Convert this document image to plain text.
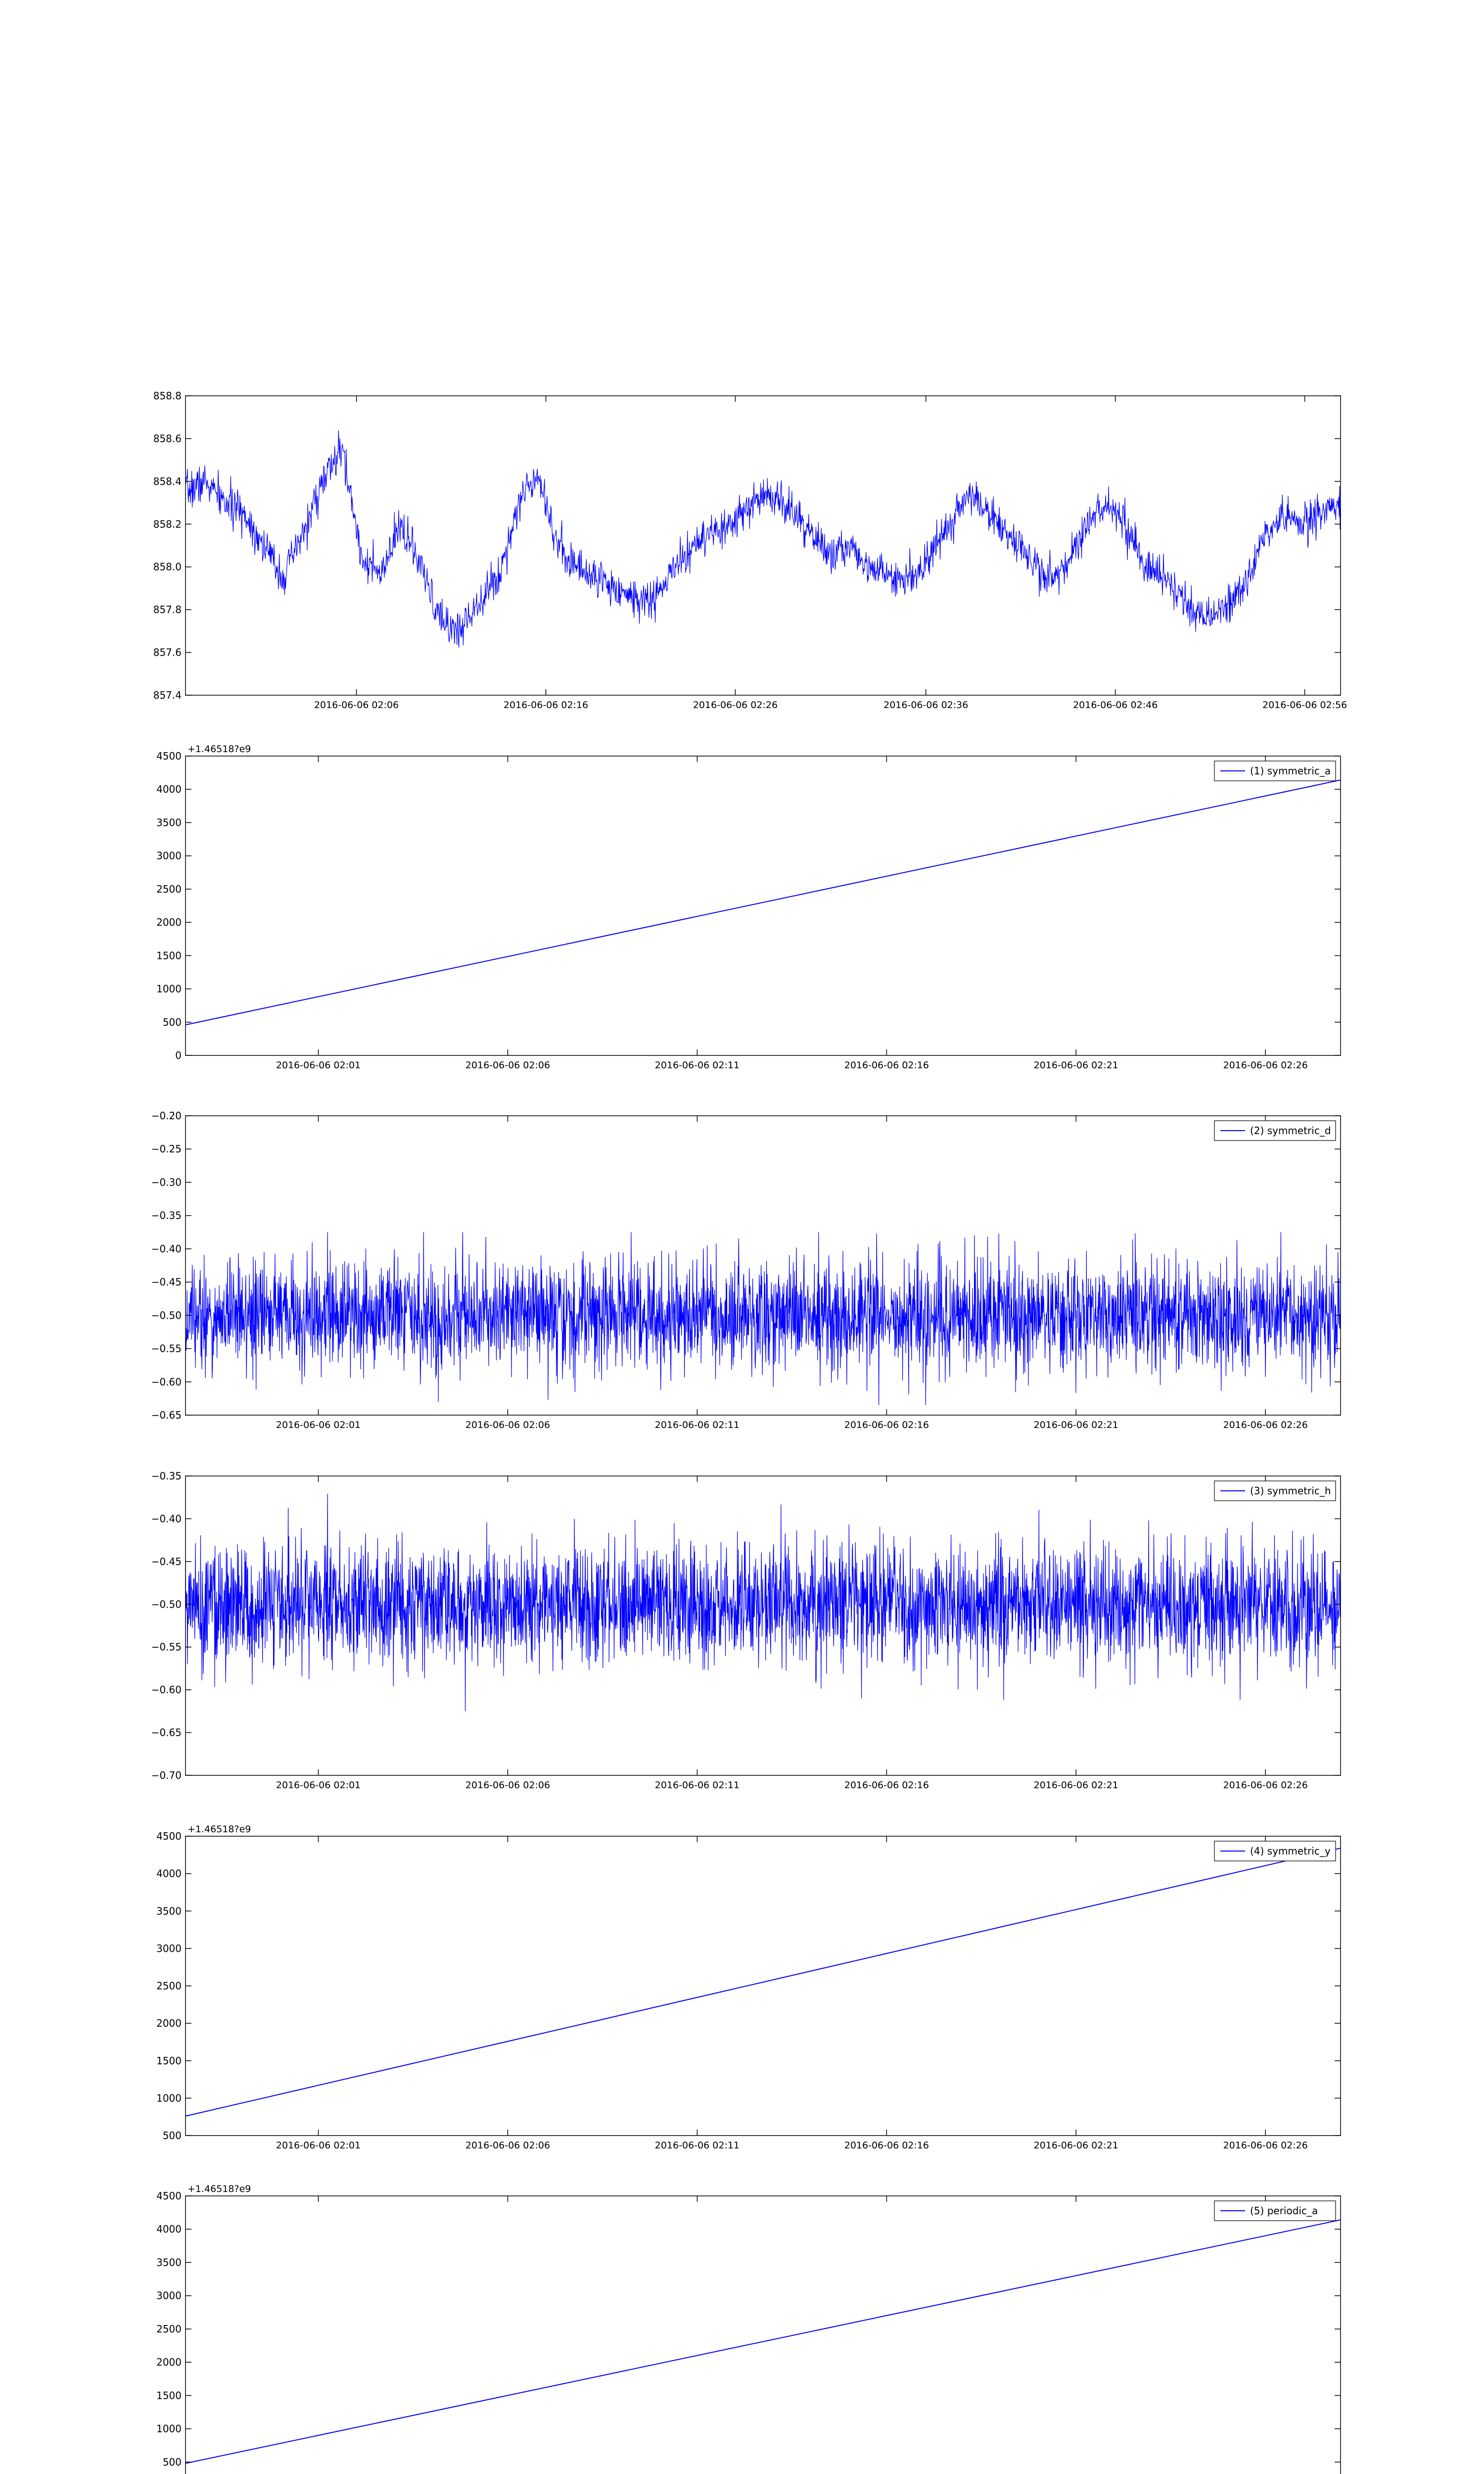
857.4
857.6
857.8
858.0
858.2
858.4
858.6
858.8
2016-06-06 02:06	2016-06-06 02:16	2016-06-06 02:26	2016-06-06 02:36	2016-06-06 02:46	2016-06-06 02:56
0
500
1000
1500
2000
2500
3000
3500
4000
4500
2016-06-06 02:01	2016-06-06 02:06	2016-06-06 02:11	2016-06-06 02:16	2016-06-06 02:21	2016-06-06 02:26
+1.46518?e9
(1) symmetric_a
−0.65
−0.60
−0.55
−0.50
−0.45
−0.40
−0.35
−0.30
−0.25
−0.20
2016-06-06 02:01	2016-06-06 02:06	2016-06-06 02:11	2016-06-06 02:16	2016-06-06 02:21	2016-06-06 02:26
(2) symmetric_d
−0.70
−0.65
−0.60
−0.55
−0.50
−0.45
−0.40
−0.35
2016-06-06 02:01	2016-06-06 02:06	2016-06-06 02:11	2016-06-06 02:16	2016-06-06 02:21	2016-06-06 02:26
(3) symmetric_h
500
1000
1500
2000
2500
3000
3500
4000
4500
2016-06-06 02:01	2016-06-06 02:06	2016-06-06 02:11	2016-06-06 02:16	2016-06-06 02:21	2016-06-06 02:26
+1.46518?e9
(4) symmetric_y
500
1000
1500
2000
2500
3000
3500
4000
4500
+1.46518?e9
(5) periodic_a
